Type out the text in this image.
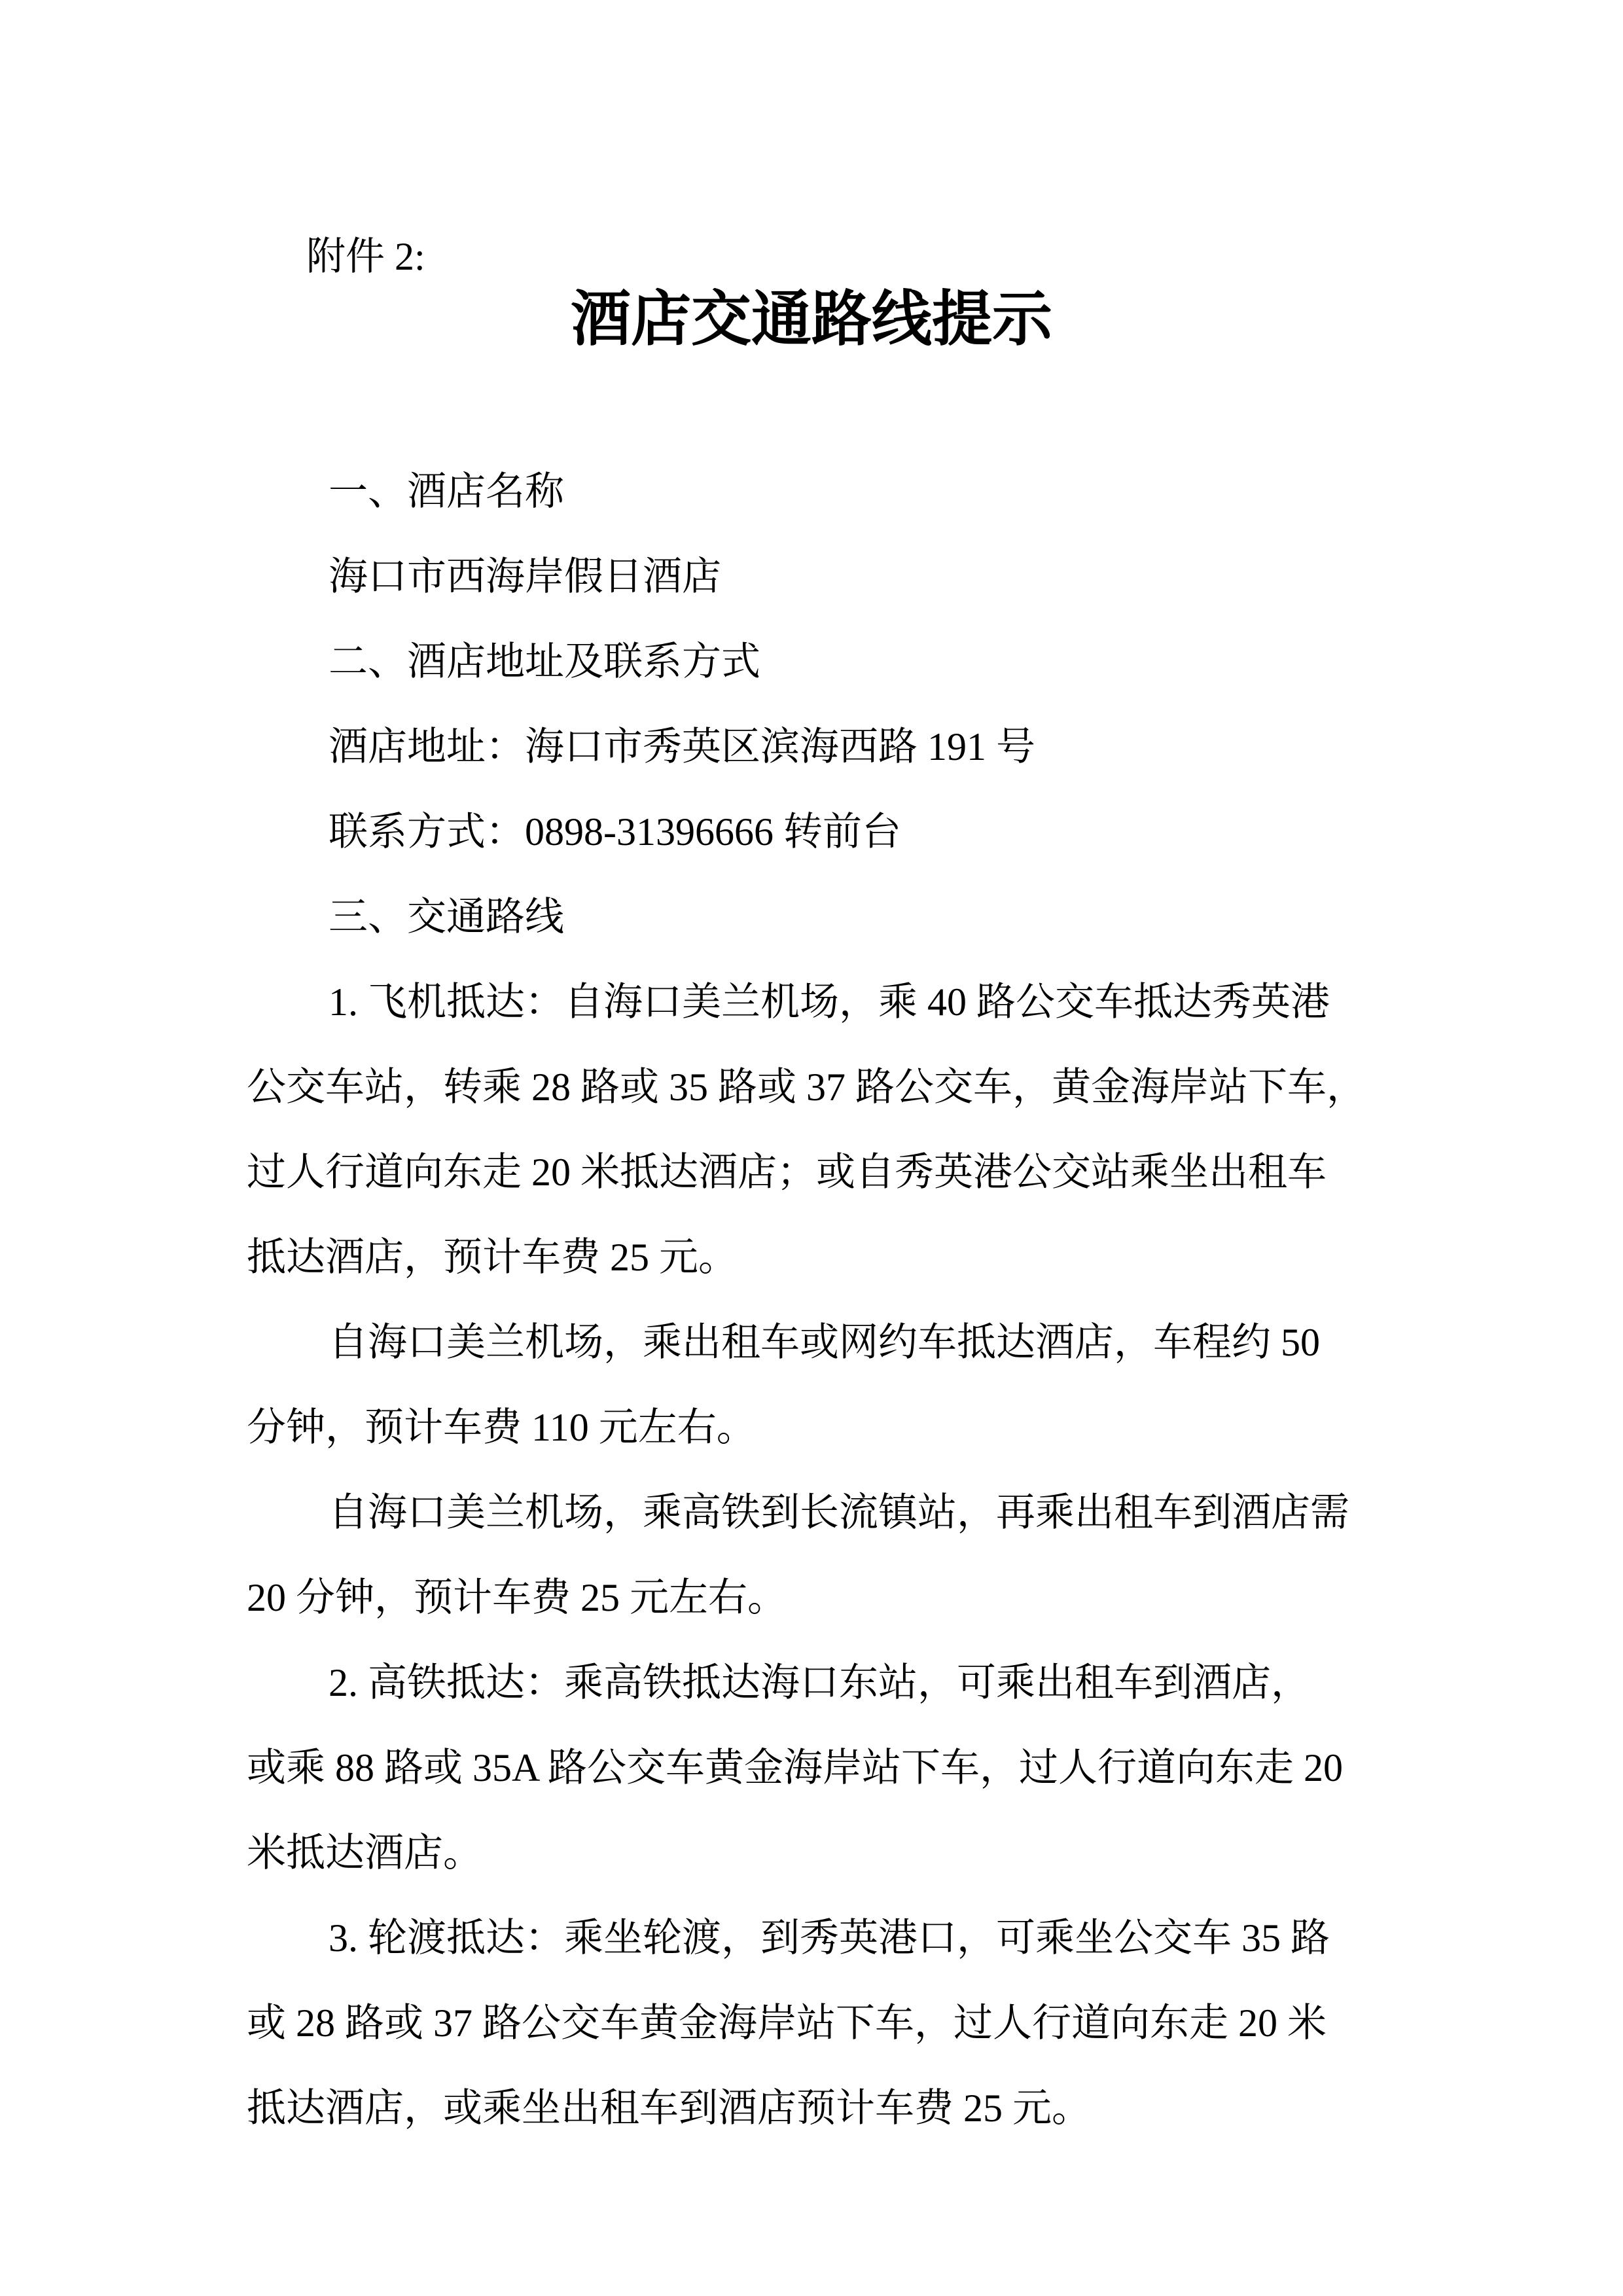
附件 2:

酒店交通路线提示

一、酒店名称

海口市西海岸假日酒店

二、酒店地址及联系方式

酒店地址：海口市秀英区滨海西路 191 号

联系方式：0898-31396666 转前台

三、交通路线

1. 飞机抵达：自海口美兰机场，乘 40 路公交车抵达秀英港

公交车站，转乘 28 路或 35 路或 37 路公交车，黄金海岸站下车，

过人行道向东走 20 米抵达酒店；或自秀英港公交站乘坐出租车

抵达酒店，预计车费 25 元。

自海口美兰机场，乘出租车或网约车抵达酒店，车程约 50

分钟，预计车费 110 元左右。

自海口美兰机场，乘高铁到长流镇站，再乘出租车到酒店需

20 分钟，预计车费 25 元左右。

2. 高铁抵达：乘高铁抵达海口东站，可乘出租车到酒店，

或乘 88 路或 35A 路公交车黄金海岸站下车，过人行道向东走 20

米抵达酒店。

3. 轮渡抵达：乘坐轮渡，到秀英港口，可乘坐公交车 35 路

或 28 路或 37 路公交车黄金海岸站下车，过人行道向东走 20 米

抵达酒店，或乘坐出租车到酒店预计车费 25 元。
